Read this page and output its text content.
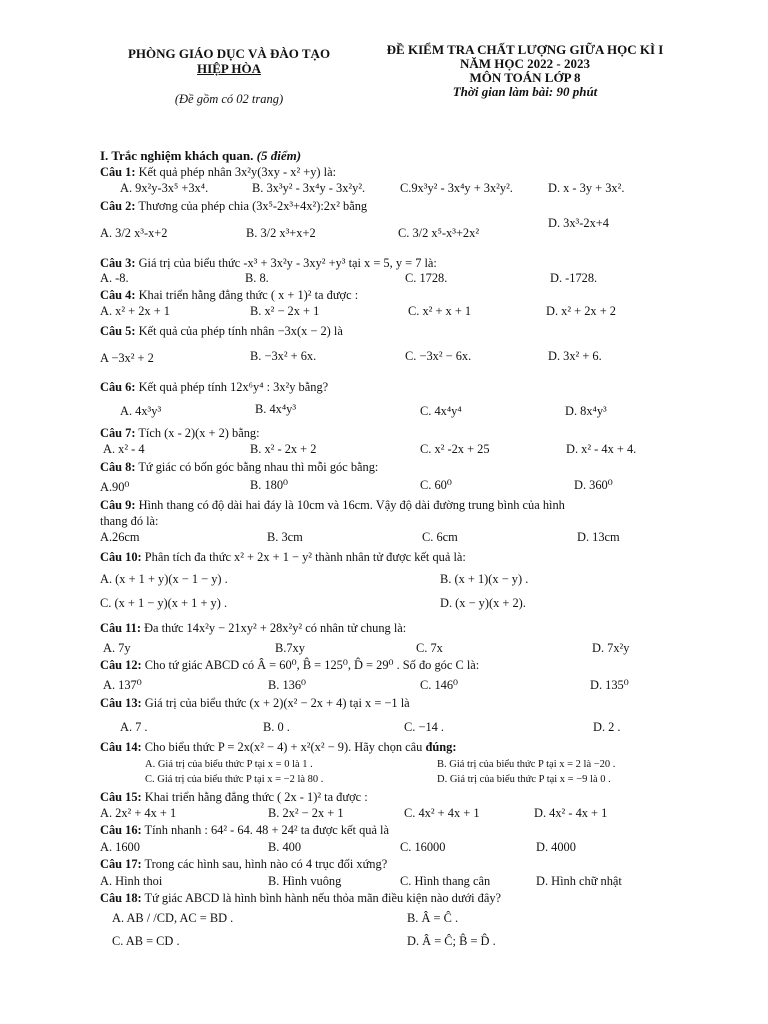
PHÒNG GIÁO DỤC VÀ ĐÀO TẠO
HIỆP HÒA
(Đề gồm có 02 trang)
ĐỀ KIỂM TRA CHẤT LƯỢNG GIỮA HỌC KÌ I
NĂM HỌC 2022 - 2023
MÔN TOÁN LỚP 8
Thời gian làm bài: 90 phút
I. Trắc nghiệm khách quan. (5 điểm)
Câu 1: Kết quả phép nhân 3x²y(3xy - x² +y) là:
A. 9x²y-3x⁵ +3x⁴.	B. 3x³y² - 3x⁴y - 3x²y².	C.9x³y² - 3x⁴y + 3x²y².	D. x - 3y + 3x².
Câu 2: Thương của phép chia (3x⁵-2x³+4x²):2x² bằng
A. 3/2 x³-x+2	B. 3/2 x³+x+2	C. 3/2 x⁵-x³+2x²
D. 3x³-2x+4
Câu 3: Giá trị của biểu thức -x³ + 3x²y - 3xy² +y³ tại x = 5, y = 7 là:
A. -8.	B. 8.	C. 1728.	D. -1728.
Câu 4: Khai triển hằng đẳng thức ( x + 1)² ta được :
A. x² + 2x + 1	B. x² − 2x + 1	C. x² + x + 1	D. x² + 2x + 2
Câu 5: Kết quả của phép tính nhân −3x(x − 2) là
A −3x² + 2	B. −3x² + 6x.	C. −3x² − 6x.	D. 3x² + 6.
Câu 6: Kết quả phép tính 12x⁶y⁴ : 3x²y bằng?
A. 4x³y³	B. 4x⁴y³	C. 4x⁴y⁴	D. 8x⁴y³
Câu 7: Tích (x - 2)(x + 2) bằng:
A. x² - 4	B. x² - 2x + 2	C. x² -2x + 25	D. x² - 4x + 4.
Câu 8: Tứ giác có bốn góc bằng nhau thì mỗi góc bằng:
A.90⁰	B. 180⁰	C. 60⁰	D. 360⁰
Câu 9: Hình thang có độ dài hai đáy là 10cm và 16cm. Vậy độ dài đường trung bình của hình
thang đó là:
A.26cm	B. 3cm	C. 6cm	D. 13cm
Câu 10: Phân tích đa thức x² + 2x + 1 − y² thành nhân tử được kết quả là:
A. (x + 1 + y)(x − 1 − y) .	B. (x + 1)(x − y) .
C. (x + 1 − y)(x + 1 + y) .	D. (x − y)(x + 2).
Câu 11: Đa thức 14x²y − 21xy² + 28x²y² có nhân tử chung là:
A. 7y	B.7xy	C. 7x	D. 7x²y
Câu 12: Cho tứ giác ABCD có Â = 60⁰, B̂ = 125⁰, D̂ = 29⁰ . Số đo góc C là:
A. 137⁰	B. 136⁰	C. 146⁰	D. 135⁰
Câu 13: Giá trị của biểu thức (x + 2)(x² − 2x + 4) tại x = −1 là
A. 7 .	B. 0 .	C. −14 .	D. 2 .
Câu 14: Cho biểu thức P = 2x(x² − 4) + x²(x² − 9). Hãy chọn câu đúng:
A. Giá trị của biểu thức P tại x = 0 là 1 .	B. Giá trị của biểu thức P tại x = 2 là −20 .
C. Giá trị của biểu thức P tại x = −2 là 80 .	D. Giá trị của biểu thức P tại x = −9 là 0 .
Câu 15: Khai triển hằng đẳng thức ( 2x - 1)² ta được :
A. 2x² + 4x + 1	B. 2x² − 2x + 1	C. 4x² + 4x + 1	D. 4x² - 4x + 1
Câu 16: Tính nhanh : 64² - 64. 48 + 24² ta được kết quả là
A. 1600	B. 400	C. 16000	D. 4000
Câu 17: Trong các hình sau, hình nào có 4 trục đối xứng?
A. Hình thoi	B. Hình vuông	C. Hình thang cân	D. Hình chữ nhật
Câu 18: Tứ giác ABCD là hình bình hành nếu thỏa mãn điều kiện nào dưới đây?
A. AB / /CD, AC = BD .	B. Â = Ĉ .
C. AB = CD .	D. Â = Ĉ; B̂ = D̂ .
